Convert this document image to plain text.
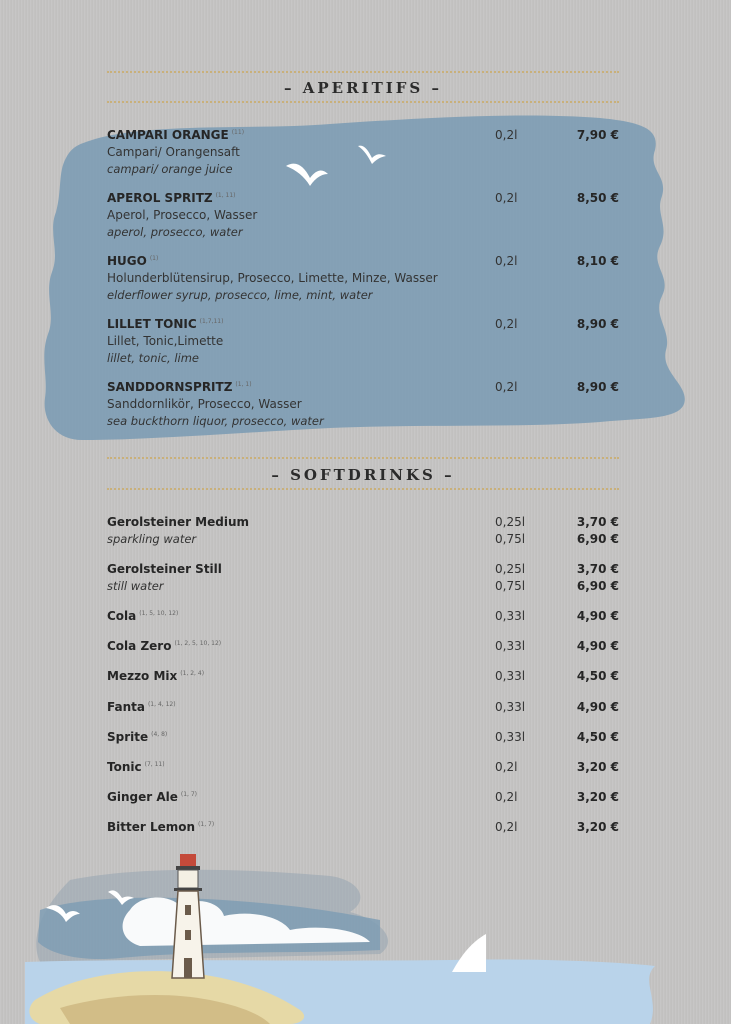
– APERITIFS –
CAMPARI ORANGE $^{(11)}$
Campari/ Orangensaft
campari/ orange juice
0,2l	7,90 €
APEROL SPRITZ $^{(1, 11)}$
Aperol, Prosecco, Wasser
aperol, prosecco, water
0,2l	8,50 €
HUGO $^{(1)}$
Holunderblütensirup, Prosecco, Limette, Minze, Wasser
elderflower syrup, prosecco, lime, mint, water
0,2l	8,10 €
LILLET TONIC $^{(1,7,11)}$
Lillet, Tonic,Limette
lillet, tonic, lime
0,2l	8,90 €
SANDDORNSPRITZ $^{(1, 1)}$
Sanddornlikör, Prosecco, Wasser
sea buckthorn liquor, prosecco, water
0,2l	8,90 €
– SOFTDRINKS –
Gerolsteiner Medium
sparkling water
0,25l	3,70 €
0,75l	6,90 €
Gerolsteiner Still
still water
0,25l	3,70 €
0,75l	6,90 €
Cola $^{(1, 5, 10, 12)}$	0,33l	4,90 €
Cola Zero $^{(1, 2, 5, 10, 12)}$	0,33l	4,90 €
Mezzo Mix $^{(1, 2, 4)}$	0,33l	4,50 €
Fanta $^{(1, 4, 12)}$	0,33l	4,90 €
Sprite $^{(4, 8)}$	0,33l	4,50 €
Tonic $^{(7, 11)}$	0,2l	3,20 €
Ginger Ale $^{(1, 7)}$	0,2l	3,20 €
Bitter Lemon $^{(1, 7)}$	0,2l	3,20 €
